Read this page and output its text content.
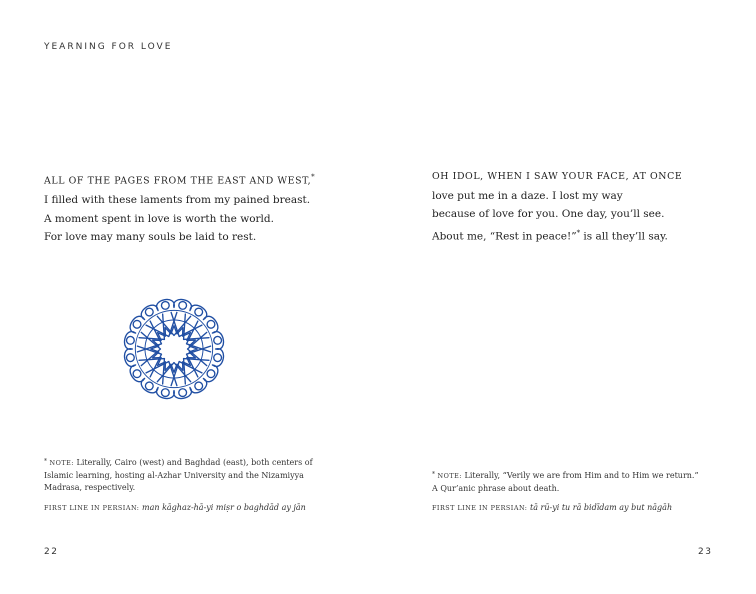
YEARNING FOR LOVE
ALL OF THE PAGES FROM THE EAST AND WEST,*
I filled with these laments from my pained breast.
A moment spent in love is worth the world.
For love may many souls be laid to rest.
OH IDOL, WHEN I SAW YOUR FACE, AT ONCE
love put me in a daze. I lost my way
because of love for you. One day, you’ll see.
About me, “Rest in peace!”* is all they’ll say.
* NOTE: Literally, Cairo (west) and Baghdad (east), both centers of
Islamic learning, hosting al-Azhar University and the Nizamiyya
Madrasa, respectively.
FIRST LINE IN PERSIAN: man kāghaz-hā-yi miṣr o baghdād ay jān
* NOTE: Literally, “Verily we are from Him and to Him we return.”
A Qur’anic phrase about death.
FIRST LINE IN PERSIAN: tā rū-yi tu rā bidīdam ay but nāgāh
22	23
